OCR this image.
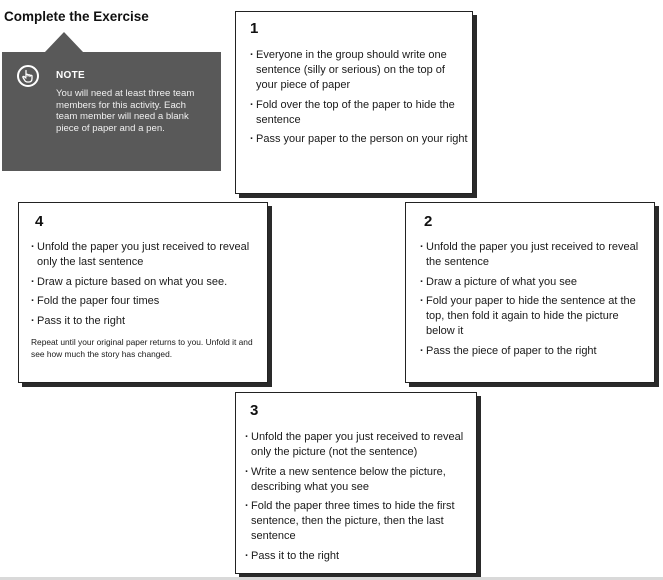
Complete the Exercise
NOTE
You will need at least three team members for this activity. Each team member will need a blank piece of paper and a pen.
1
· Everyone in the group should write one sentence (silly or serious) on the top of your piece of paper
· Fold over the top of the paper to hide the sentence
· Pass your paper to the person on your right
4
· Unfold the paper you just received to reveal only the last sentence
· Draw a picture based on what you see.
· Fold the paper four times
· Pass it to the right
Repeat until your original paper returns to you. Unfold it and see how much the story has changed.
2
· Unfold the paper you just received to reveal the sentence
· Draw a picture of what you see
· Fold your paper to hide the sentence at the top, then fold it again to hide the picture below it
· Pass the piece of paper to the right
3
· Unfold the paper you just received to reveal only the picture (not the sentence)
· Write a new sentence below the picture, describing what you see
· Fold the paper three times to hide the first sentence, then the picture, then the last sentence
· Pass it to the right
